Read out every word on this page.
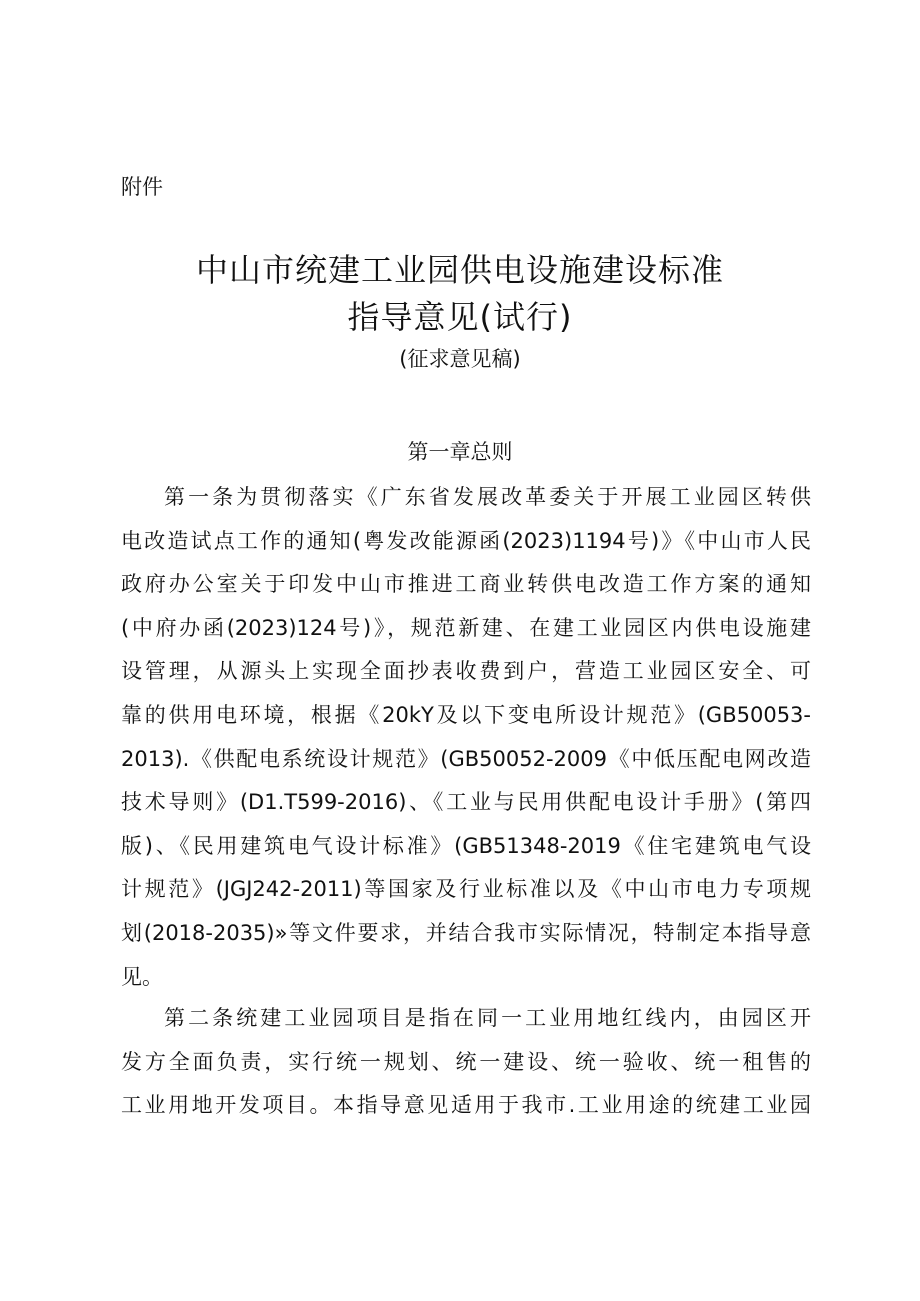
附件
中山市统建工业园供电设施建设标准
指导意见(试行)
(征求意见稿)
第一章总则
第一条为贯彻落实《广东省发展改革委关于开展工业园区转供
电改造试点工作的通知(粤发改能源函(2023)1194号)》《中山市人民
政府办公室关于印发中山市推进工商业转供电改造工作方案的通知
(中府办函(2023)124号)》，规范新建、在建工业园区内供电设施建
设管理，从源头上实现全面抄表收费到户，营造工业园区安全、可
靠的供用电环境，根据《20kY及以下变电所设计规范》(GB50053-
2013).《供配电系统设计规范》(GB50052-2009《中低压配电网改造
技术导则》(D1.T599-2016)、《工业与民用供配电设计手册》(第四
版)、《民用建筑电气设计标准》(GB51348-2019《住宅建筑电气设
计规范》(JGJ242-2011)等国家及行业标准以及《中山市电力专项规
划(2018-2035)»等文件要求，并结合我市实际情况，特制定本指导意
见。
第二条统建工业园项目是指在同一工业用地红线内，由园区开
发方全面负责，实行统一规划、统一建设、统一验收、统一租售的
工业用地开发项目。本指导意见适用于我市.工业用途的统建工业园
